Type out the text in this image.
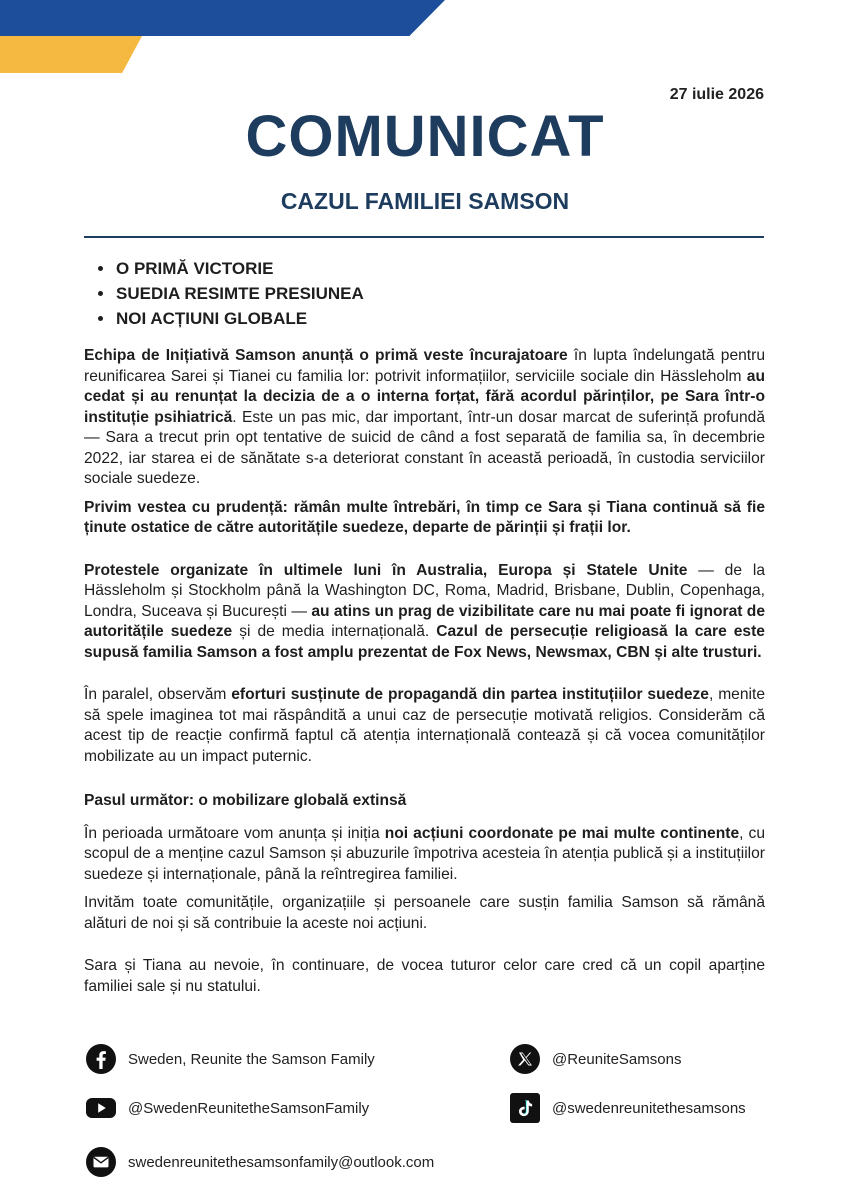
27 iulie 2026
COMUNICAT
CAZUL FAMILIEI SAMSON
O PRIMĂ VICTORIE
SUEDIA RESIMTE PRESIUNEA
NOI ACȚIUNI GLOBALE

Echipa de Inițiativă Samson anunță o primă veste încurajatoare în lupta îndelungată pentru reunificarea Sarei și Tianei cu familia lor: potrivit informațiilor, serviciile sociale din Hässleholm au cedat și au renunțat la decizia de a o interna forțat, fără acordul părinților, pe Sara într-o instituție psihiatrică. Este un pas mic, dar important, într-un dosar marcat de suferință profundă — Sara a trecut prin opt tentative de suicid de când a fost separată de familia sa, în decembrie 2022, iar starea ei de sănătate s-a deteriorat constant în această perioadă, în custodia serviciilor sociale suedeze.

Privim vestea cu prudență: rămân multe întrebări, în timp ce Sara și Tiana continuă să fie ținute ostatice de către autoritățile suedeze, departe de părinții și frații lor.

Protestele organizate în ultimele luni în Australia, Europa și Statele Unite — de la Hässleholm și Stockholm până la Washington DC, Roma, Madrid, Brisbane, Dublin, Copenhaga, Londra, Suceava și București — au atins un prag de vizibilitate care nu mai poate fi ignorat de autoritățile suedeze și de media internațională. Cazul de persecuție religioasă la care este supusă familia Samson a fost amplu prezentat de Fox News, Newsmax, CBN și alte trusturi.

În paralel, observăm eforturi susținute de propagandă din partea instituțiilor suedeze, menite să spele imaginea tot mai răspândită a unui caz de persecuție motivată religios. Considerăm că acest tip de reacție confirmă faptul că atenția internațională contează și că vocea comunităților mobilizate au un impact puternic.

Pasul următor: o mobilizare globală extinsă

În perioada următoare vom anunța și iniția noi acțiuni coordonate pe mai multe continente, cu scopul de a menține cazul Samson și abuzurile împotriva acesteia în atenția publică și a instituțiilor suedeze și internaționale, până la reîntregirea familiei.

Invităm toate comunitățile, organizațiile și persoanele care susțin familia Samson să rămână alături de noi și să contribuie la aceste noi acțiuni.

Sara și Tiana au nevoie, în continuare, de vocea tuturor celor care cred că un copil aparține familiei sale și nu statului.

Sweden, Reunite the Samson Family	@ReuniteSamsons
@SwedenReunitetheSamsonFamily	@swedenreunitethesamsons
swedenreunitethesamsonfamily@outlook.com
